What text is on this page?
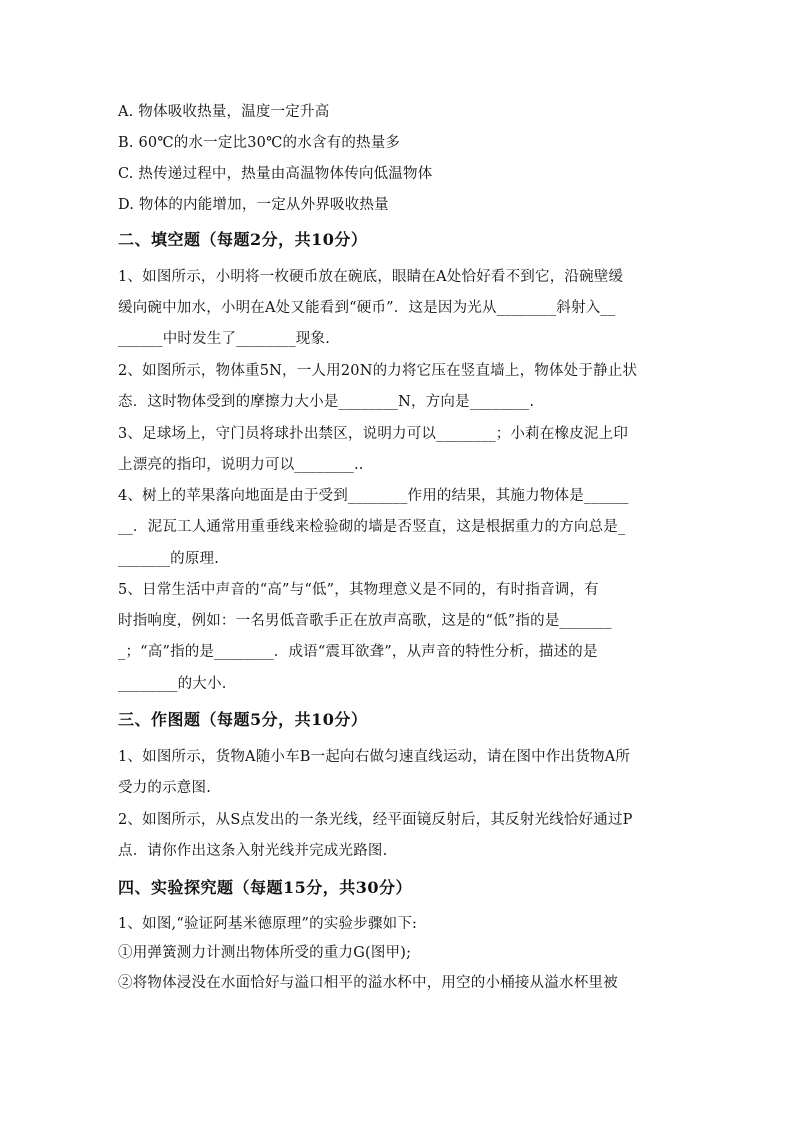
A. 物体吸收热量，温度一定升高
B. 60℃的水一定比30℃的水含有的热量多
C. 热传递过程中，热量由高温物体传向低温物体
D. 物体的内能增加，一定从外界吸收热量
二、填空题（每题2分，共10分）
1、如图所示，小明将一枚硬币放在碗底，眼睛在A处恰好看不到它，沿碗壁缓
缓向碗中加水，小明在A处又能看到“硬币”．这是因为光从________斜射入__
______中时发生了________现象.
2、如图所示，物体重5N，一人用20N的力将它压在竖直墙上，物体处于静止状
态．这时物体受到的摩擦力大小是________N，方向是________.
3、足球场上，守门员将球扑出禁区，说明力可以________；小莉在橡皮泥上印
上漂亮的指印，说明力可以________..
4、树上的苹果落向地面是由于受到________作用的结果，其施力物体是______
__．泥瓦工人通常用重垂线来检验砌的墙是否竖直，这是根据重力的方向总是_
_______的原理.
5、日常生活中声音的“高”与“低”，其物理意义是不同的，有时指音调，有
时指响度，例如：一名男低音歌手正在放声高歌，这是的“低”指的是_______
_；“高”指的是________．成语“震耳欲聋”，从声音的特性分析，描述的是
________的大小.
三、作图题（每题5分，共10分）
1、如图所示，货物A随小车B一起向右做匀速直线运动，请在图中作出货物A所
受力的示意图.
2、如图所示，从S点发出的一条光线，经平面镜反射后，其反射光线恰好通过P
点．请你作出这条入射光线并完成光路图.
四、实验探究题（每题15分，共30分）
1、如图,“验证阿基米德原理”的实验步骤如下:
①用弹簧测力计测出物体所受的重力G(图甲);
②将物体浸没在水面恰好与溢口相平的溢水杯中，用空的小桶接从溢水杯里被
